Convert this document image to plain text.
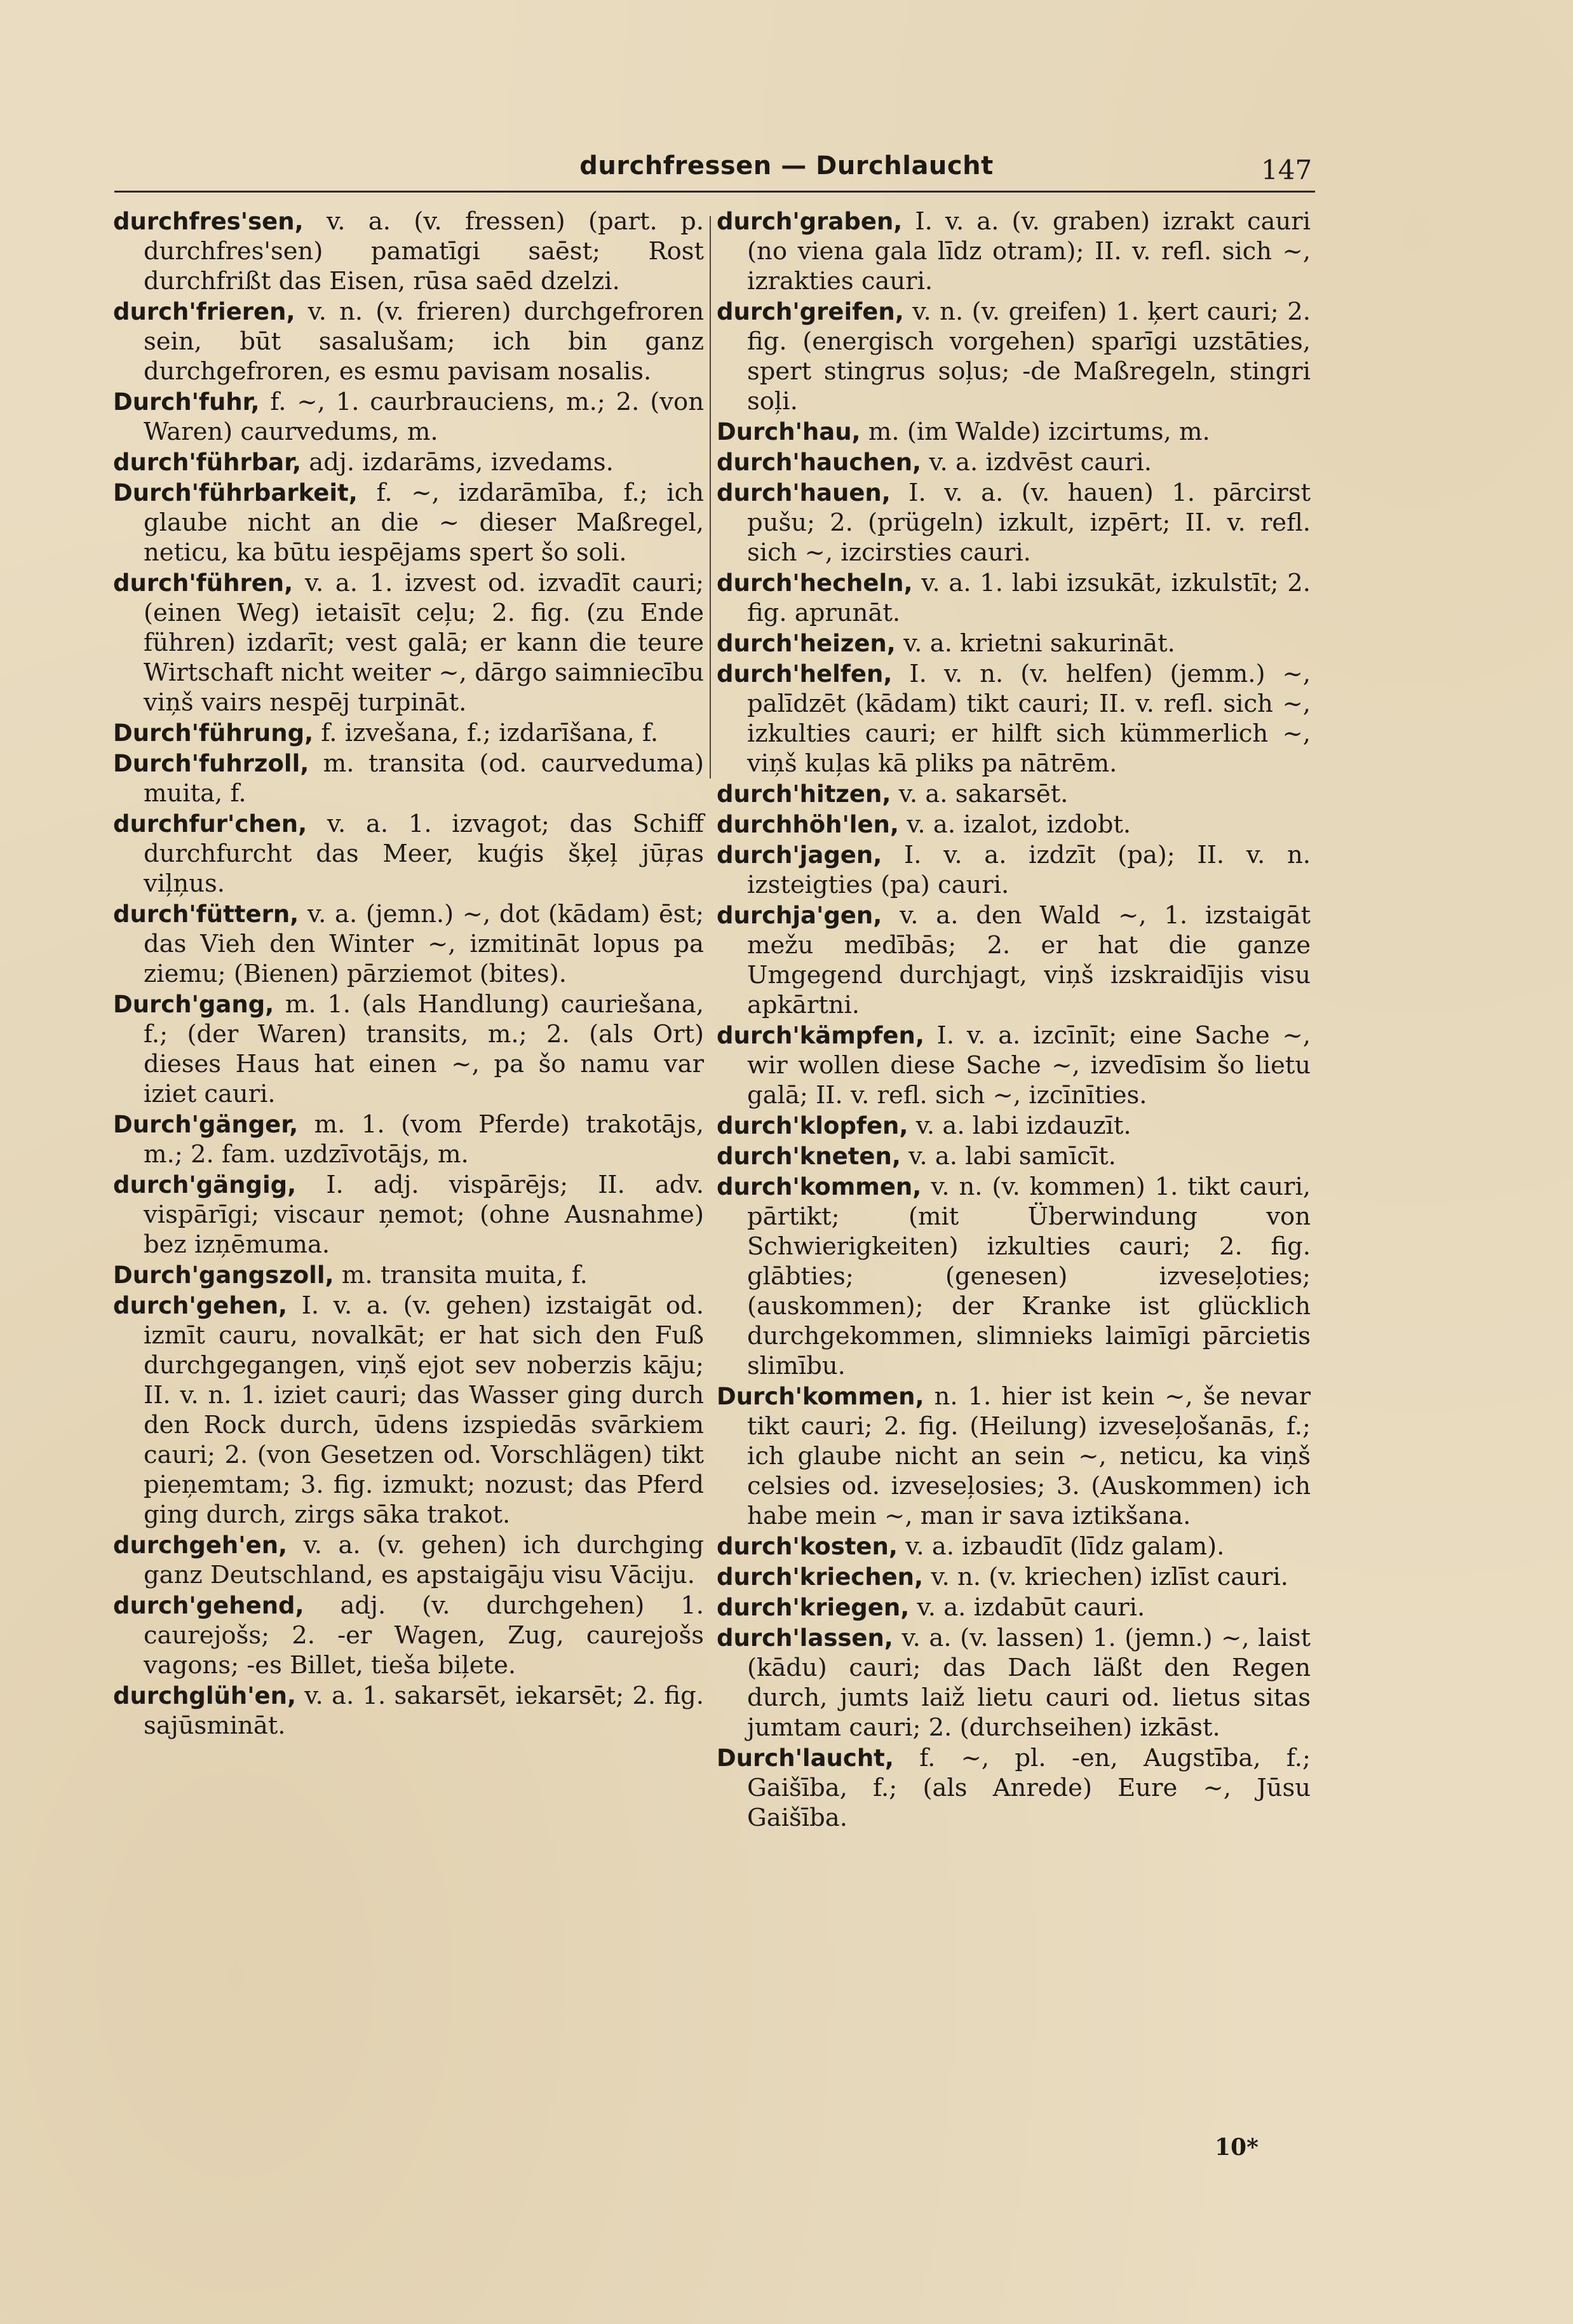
durchfressen — Durchlaucht	147

durchfres'sen, v. a. (v. fressen) (part. p. durchfres'sen) pamatīgi saēst; Rost durchfrißt das Eisen, rūsa saēd dzelzi.

durch'frieren, v. n. (v. frieren) durchgefroren sein, būt sasalušam; ich bin ganz durchgefroren, es esmu pavisam nosalis.

Durch'fuhr, f. ~, 1. caurbrauciens, m.; 2. (von Waren) caurvedums, m.

durch'führbar, adj. izdarāms, izvedams.

Durch'führbarkeit, f. ~, izdarāmība, f.; ich glaube nicht an die ~ dieser Maßregel, neticu, ka būtu iespējams spert šo soli.

durch'führen, v. a. 1. izvest od. izvadīt cauri; (einen Weg) ietaisīt ceļu; 2. fig. (zu Ende führen) izdarīt; vest galā; er kann die teure Wirtschaft nicht weiter ~, dārgo saimniecību viņš vairs nespēj turpināt.

Durch'führung, f. izvešana, f.; izdarīšana, f.

Durch'fuhrzoll, m. transita (od. caurveduma) muita, f.

durchfur'chen, v. a. 1. izvagot; das Schiff durchfurcht das Meer, kuģis šķeļ jūŗas viļņus.

durch'füttern, v. a. (jemn.) ~, dot (kādam) ēst; das Vieh den Winter ~, izmitināt lopus pa ziemu; (Bienen) pārziemot (bites).

Durch'gang, m. 1. (als Handlung) cauriešana, f.; (der Waren) transits, m.; 2. (als Ort) dieses Haus hat einen ~, pa šo namu var iziet cauri.

Durch'gänger, m. 1. (vom Pferde) trakotājs, m.; 2. fam. uzdzīvotājs, m.

durch'gängig, I. adj. vispārējs; II. adv. vispārīgi; viscaur ņemot; (ohne Ausnahme) bez izņēmuma.

Durch'gangszoll, m. transita muita, f.

durch'gehen, I. v. a. (v. gehen) izstaigāt od. izmīt cauru, novalkāt; er hat sich den Fuß durchgegangen, viņš ejot sev noberzis kāju; II. v. n. 1. iziet cauri; das Wasser ging durch den Rock durch, ūdens izspiedās svārkiem cauri; 2. (von Gesetzen od. Vorschlägen) tikt pieņemtam; 3. fig. izmukt; nozust; das Pferd ging durch, zirgs sāka trakot.

durchgeh'en, v. a. (v. gehen) ich durchging ganz Deutschland, es apstaigāju visu Vāciju.

durch'gehend, adj. (v. durchgehen) 1. caurejošs; 2. -er Wagen, Zug, caurejošs vagons; -es Billet, tieša biļete.

durchglüh'en, v. a. 1. sakarsēt, iekarsēt; 2. fig. sajūsmināt.

durch'graben, I. v. a. (v. graben) izrakt cauri (no viena gala līdz otram); II. v. refl. sich ~, izrakties cauri.

durch'greifen, v. n. (v. greifen) 1. ķert cauri; 2. fig. (energisch vorgehen) sparīgi uzstāties, spert stingrus soļus; -de Maßregeln, stingri soļi.

Durch'hau, m. (im Walde) izcirtums, m.

durch'hauchen, v. a. izdvēst cauri.

durch'hauen, I. v. a. (v. hauen) 1. pārcirst pušu; 2. (prügeln) izkult, izpērt; II. v. refl. sich ~, izcirsties cauri.

durch'hecheln, v. a. 1. labi izsukāt, izkulstīt; 2. fig. aprunāt.

durch'heizen, v. a. krietni sakurināt.

durch'helfen, I. v. n. (v. helfen) (jemm.) ~, palīdzēt (kādam) tikt cauri; II. v. refl. sich ~, izkulties cauri; er hilft sich kümmerlich ~, viņš kuļas kā pliks pa nātrēm.

durch'hitzen, v. a. sakarsēt.

durchhöh'len, v. a. izalot, izdobt.

durch'jagen, I. v. a. izdzīt (pa); II. v. n. izsteigties (pa) cauri.

durchja'gen, v. a. den Wald ~, 1. izstaigāt mežu medībās; 2. er hat die ganze Umgegend durchjagt, viņš izskraidījis visu apkārtni.

durch'kämpfen, I. v. a. izcīnīt; eine Sache ~, wir wollen diese Sache ~, izvedīsim šo lietu galā; II. v. refl. sich ~, izcīnīties.

durch'klopfen, v. a. labi izdauzīt.

durch'kneten, v. a. labi samīcīt.

durch'kommen, v. n. (v. kommen) 1. tikt cauri, pārtikt; (mit Überwindung von Schwierigkeiten) izkulties cauri; 2. fig. glābties; (genesen) izveseļoties; (auskommen); der Kranke ist glücklich durchgekommen, slimnieks laimīgi pārcietis slimību.

Durch'kommen, n. 1. hier ist kein ~, še nevar tikt cauri; 2. fig. (Heilung) izveseļošanās, f.; ich glaube nicht an sein ~, neticu, ka viņš celsies od. izveseļosies; 3. (Auskommen) ich habe mein ~, man ir sava iztikšana.

durch'kosten, v. a. izbaudīt (līdz galam).

durch'kriechen, v. n. (v. kriechen) izlīst cauri.

durch'kriegen, v. a. izdabūt cauri.

durch'lassen, v. a. (v. lassen) 1. (jemn.) ~, laist (kādu) cauri; das Dach läßt den Regen durch, jumts laiž lietu cauri od. lietus sitas jumtam cauri; 2. (durchseihen) izkāst.

Durch'laucht, f. ~, pl. -en, Augstība, f.; Gaišība, f.; (als Anrede) Eure ~, Jūsu Gaišība.

10*
